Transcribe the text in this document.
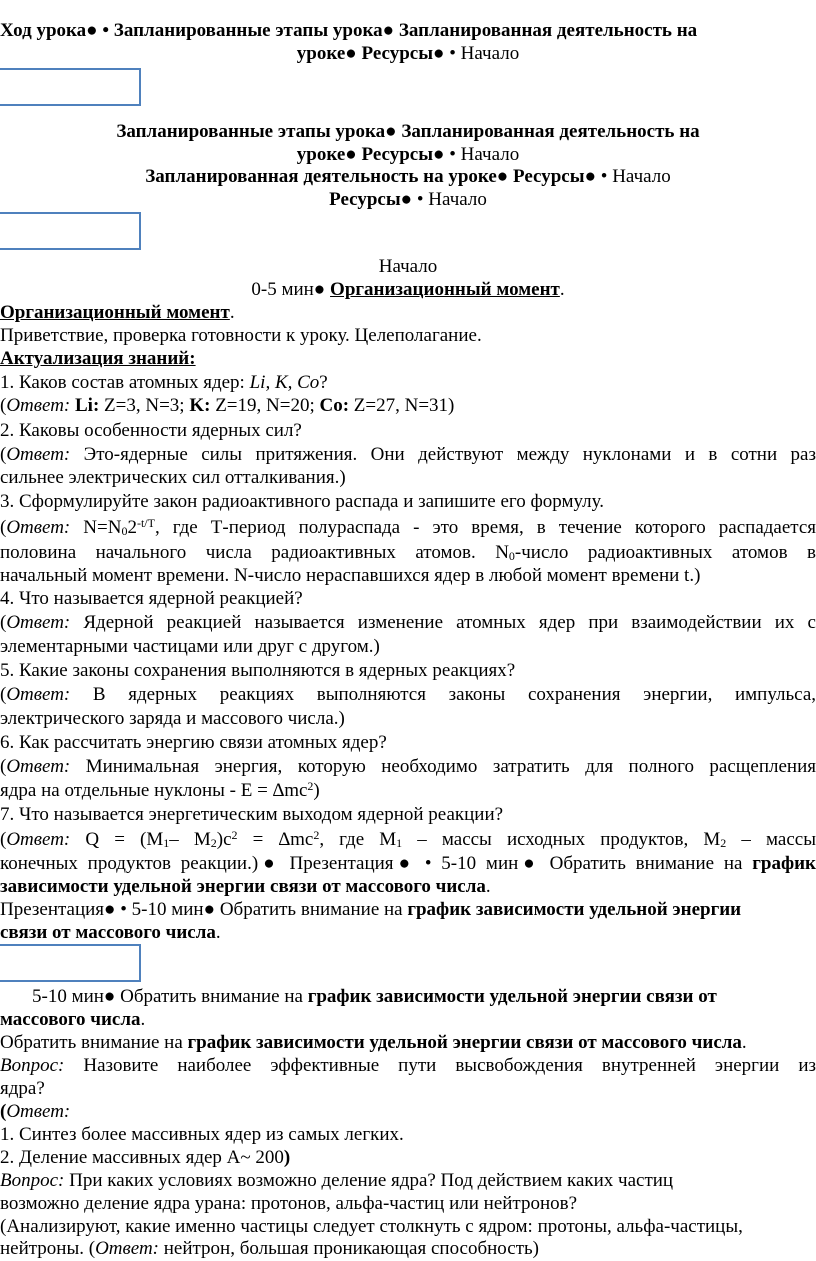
Ход урока● • Запланированные этапы урока● Запланированная деятельность на
уроке● Ресурсы● • Начало
Запланированные этапы урока● Запланированная деятельность на
уроке● Ресурсы● • Начало
Запланированная деятельность на уроке● Ресурсы● • Начало
Ресурсы● • Начало
Начало
0-5 мин● Организационный момент.
Организационный момент.
Приветствие, проверка готовности к уроку. Целеполагание.
Актуализация знаний:
1. Каков состав атомных ядер: Li, K, Co?
(Ответ: Li: Z=3, N=3; K: Z=19, N=20; Co: Z=27, N=31)
2. Каковы особенности ядерных сил?
(Ответ: Это-ядерные силы притяжения. Они действуют между нуклонами и в сотни раз
сильнее электрических сил отталкивания.)
3. Сформулируйте закон радиоактивного распада и запишите его формулу.
(Ответ: $N=N_02^{-t/T}$, где Т-период полураспада - это время, в течение которого распадается
половина начального числа радиоактивных атомов. $N_0$-число радиоактивных атомов в
начальный момент времени. N-число нераспавшихся ядер в любой момент времени t.)
4. Что называется ядерной реакцией?
(Ответ: Ядерной реакцией называется изменение атомных ядер при взаимодействии их с
элементарными частицами или друг с другом.)
5. Какие законы сохранения выполняются в ядерных реакциях?
(Ответ: В ядерных реакциях выполняются законы сохранения энергии, импульса,
электрического заряда и массового числа.)
6. Как рассчитать энергию связи атомных ядер?
(Ответ: Минимальная энергия, которую необходимо затратить для полного расщепления
ядра на отдельные нуклоны - $E = \Delta mc^2$)
7. Что называется энергетическим выходом ядерной реакции?
(Ответ: $Q = (M_1-$ $M_2)c^2 = \Delta mc^2$, где $M_1$ – массы исходных продуктов, $M_2$ – массы
конечных продуктов реакции.)● Презентация● • 5-10 мин● Обратить внимание на график
зависимости удельной энергии связи от массового числа.
Презентация● • 5-10 мин● Обратить внимание на график зависимости удельной энергии
связи от массового числа.
5-10 мин● Обратить внимание на график зависимости удельной энергии связи от
массового числа.
Обратить внимание на график зависимости удельной энергии связи от массового числа.
Вопрос: Назовите наиболее эффективные пути высвобождения внутренней энергии из
ядра?
(Ответ:
1. Синтез более массивных ядер из самых легких.
2. Деление массивных ядер A~ 200)
Вопрос: При каких условиях возможно деление ядра? Под действием каких частиц
возможно деление ядра урана: протонов, альфа-частиц или нейтронов?
(Анализируют, какие именно частицы следует столкнуть с ядром: протоны, альфа-частицы,
нейтроны. (Ответ: нейтрон, большая проникающая способность)
